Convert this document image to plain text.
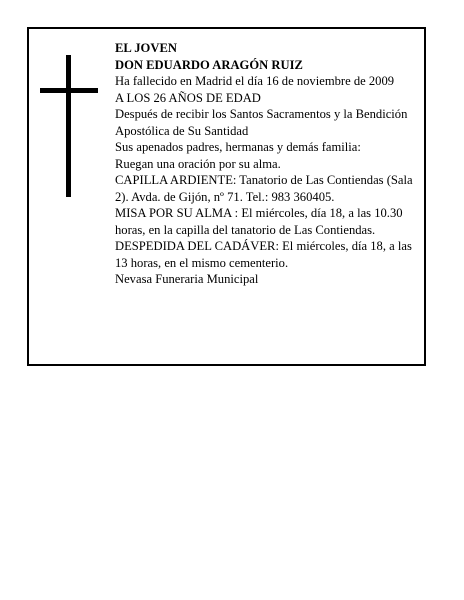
EL JOVEN

DON EDUARDO ARAGÓN RUIZ

Ha fallecido en Madrid el día 16 de noviembre de 2009

A LOS 26 AÑOS DE EDAD

Después de recibir los Santos Sacramentos y la Bendición Apostólica de Su Santidad

Sus apenados padres, hermanas y demás familia:

Ruegan una oración por su alma.

CAPILLA ARDIENTE: Tanatorio de Las Contiendas (Sala 2). Avda. de Gijón, nº 71. Tel.: 983 360405.

MISA POR SU ALMA : El miércoles, día 18, a las 10.30 horas, en la capilla del tanatorio de Las Contiendas.

DESPEDIDA DEL CADÁVER: El miércoles, día 18, a las 13 horas, en el mismo cementerio.

Nevasa Funeraria Municipal
